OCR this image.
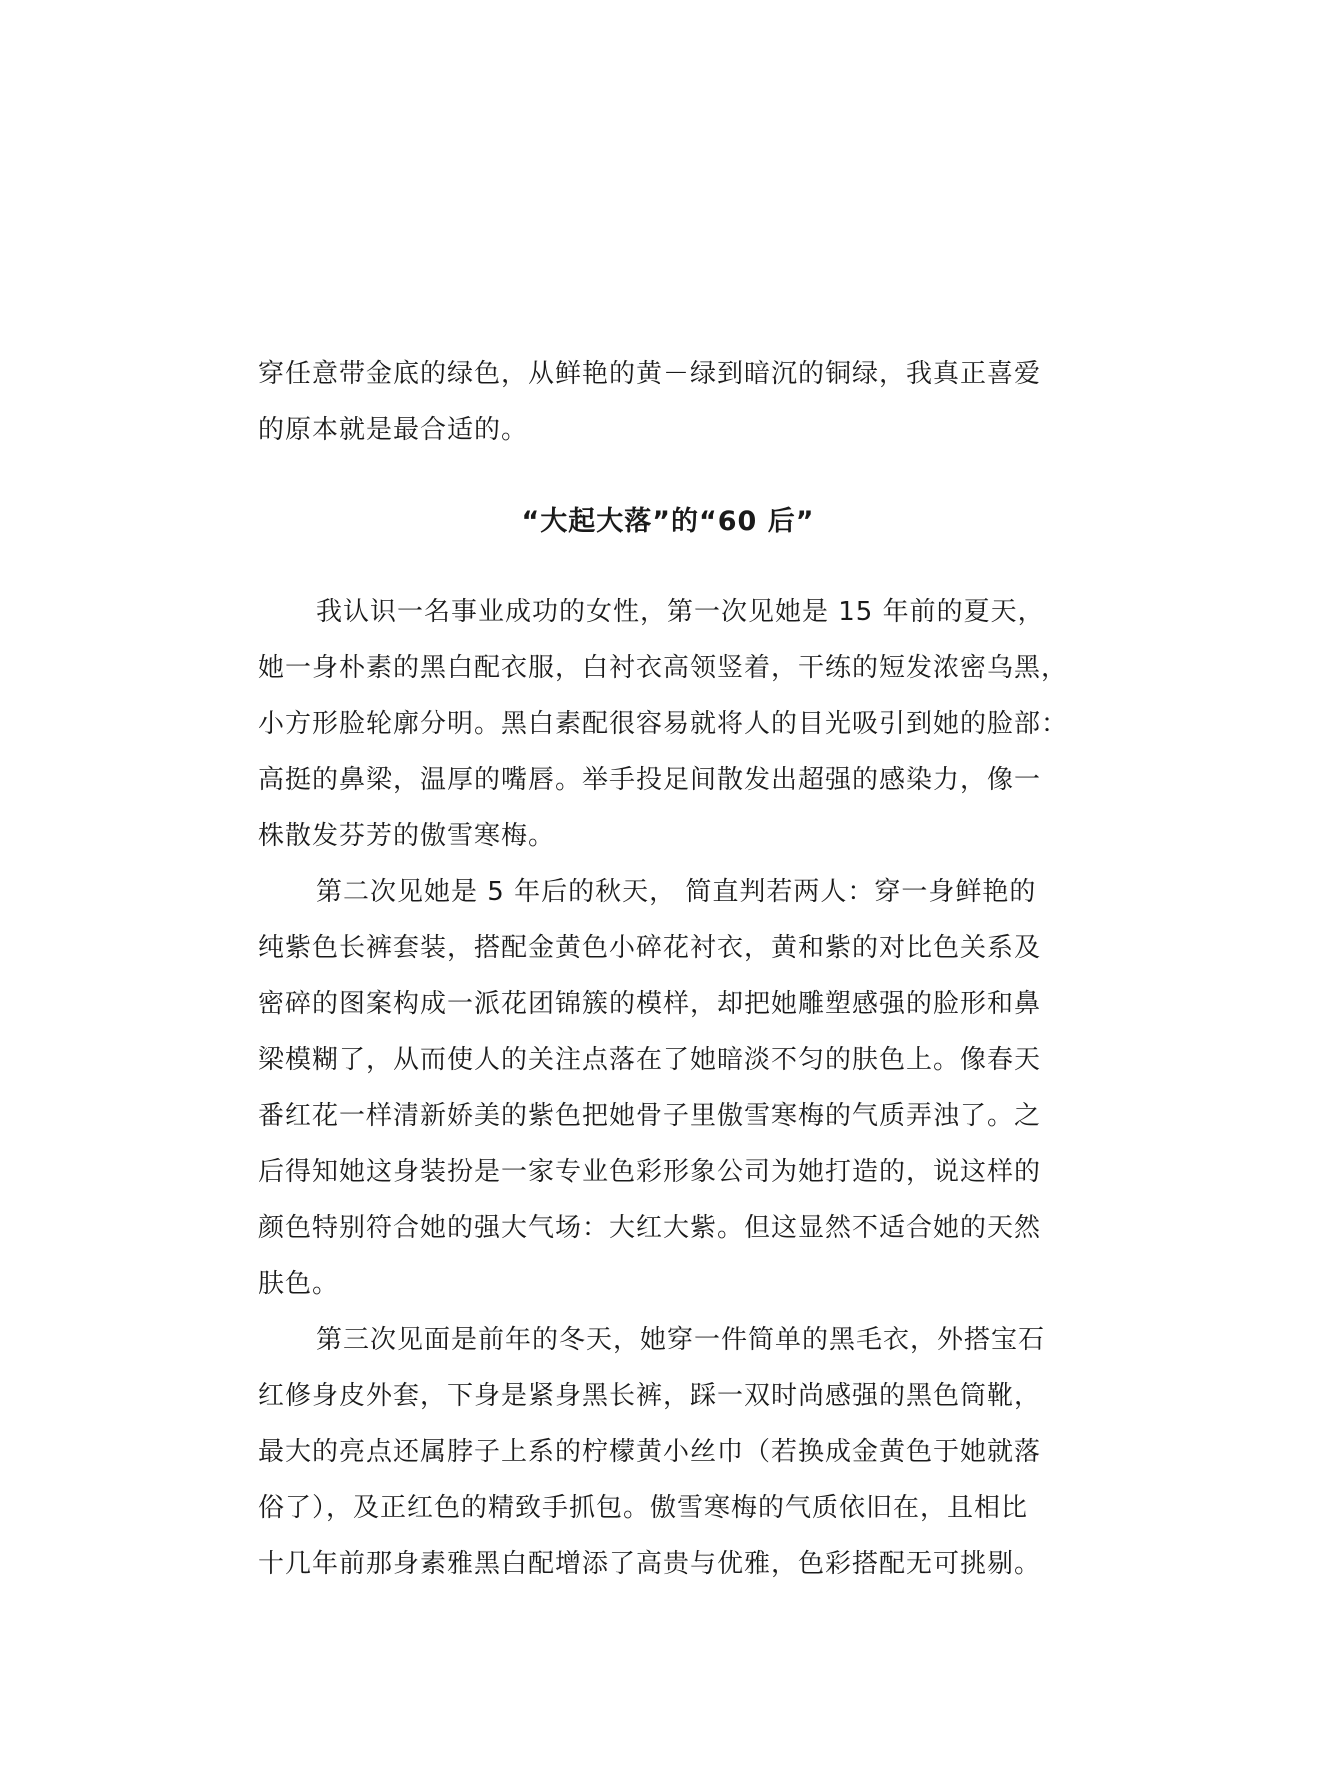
穿任意带金底的绿色，从鲜艳的黄－绿到暗沉的铜绿，我真正喜爱
的原本就是最合适的。
“大起大落”的“60 后”
我认识一名事业成功的女性，第一次见她是 15 年前的夏天，
她一身朴素的黑白配衣服，白衬衣高领竖着，干练的短发浓密乌黑，
小方形脸轮廓分明。黑白素配很容易就将人的目光吸引到她的脸部：
高挺的鼻梁，温厚的嘴唇。举手投足间散发出超强的感染力，像一
株散发芬芳的傲雪寒梅。
第二次见她是 5 年后的秋天， 简直判若两人：穿一身鲜艳的
纯紫色长裤套装，搭配金黄色小碎花衬衣，黄和紫的对比色关系及
密碎的图案构成一派花团锦簇的模样，却把她雕塑感强的脸形和鼻
梁模糊了，从而使人的关注点落在了她暗淡不匀的肤色上。像春天
番红花一样清新娇美的紫色把她骨子里傲雪寒梅的气质弄浊了。之
后得知她这身装扮是一家专业色彩形象公司为她打造的，说这样的
颜色特别符合她的强大气场：大红大紫。但这显然不适合她的天然
肤色。
第三次见面是前年的冬天，她穿一件简单的黑毛衣，外搭宝石
红修身皮外套，下身是紧身黑长裤，踩一双时尚感强的黑色筒靴，
最大的亮点还属脖子上系的柠檬黄小丝巾（若换成金黄色于她就落
俗了），及正红色的精致手抓包。傲雪寒梅的气质依旧在，且相比
十几年前那身素雅黑白配增添了高贵与优雅，色彩搭配无可挑剔。
